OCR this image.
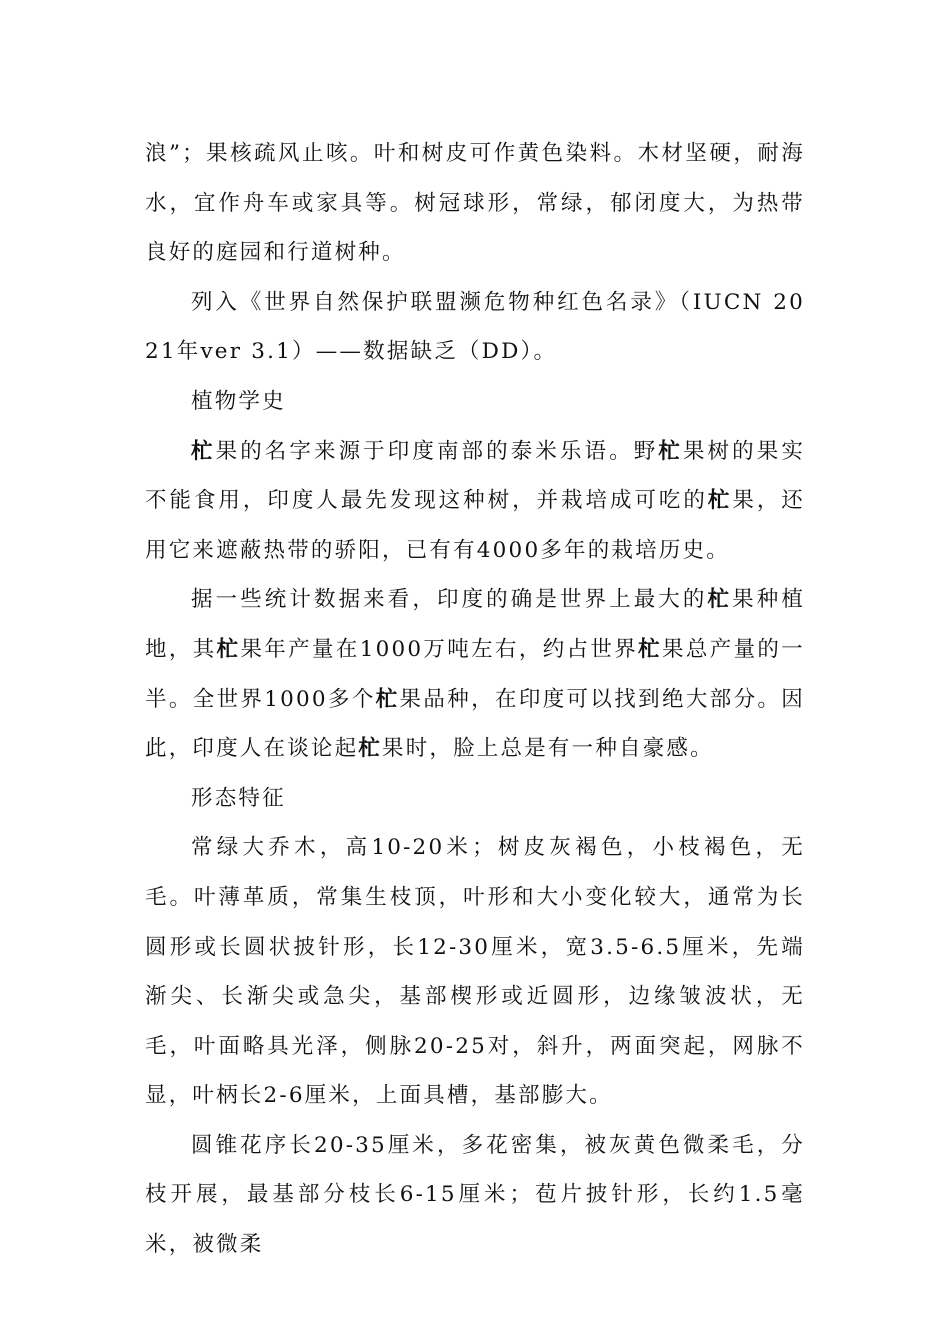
浪”；果核疏风止咳。叶和树皮可作黄色染料。木材坚硬，耐海水，宜作舟车或家具等。树冠球形，常绿，郁闭度大，为热带良好的庭园和行道树种。

列入《世界自然保护联盟濒危物种红色名录》（IUCN 2021年ver 3.1）——数据缺乏（DD）。

植物学史

杧果的名字来源于印度南部的泰米乐语。野杧果树的果实不能食用，印度人最先发现这种树，并栽培成可吃的杧果，还用它来遮蔽热带的骄阳，已有有4000多年的栽培历史。

据一些统计数据来看，印度的确是世界上最大的杧果种植地，其杧果年产量在1000万吨左右，约占世界杧果总产量的一半。全世界1000多个杧果品种，在印度可以找到绝大部分。因此，印度人在谈论起杧果时，脸上总是有一种自豪感。

形态特征

常绿大乔木，高10-20米；树皮灰褐色，小枝褐色，无毛。叶薄革质，常集生枝顶，叶形和大小变化较大，通常为长圆形或长圆状披针形，长12-30厘米，宽3.5-6.5厘米，先端渐尖、长渐尖或急尖，基部楔形或近圆形，边缘皱波状，无毛，叶面略具光泽，侧脉20-25对，斜升，两面突起，网脉不显，叶柄长2-6厘米，上面具槽，基部膨大。

圆锥花序长20-35厘米，多花密集，被灰黄色微柔毛，分枝开展，最基部分枝长6-15厘米；苞片披针形，长约1.5毫米，被微柔
